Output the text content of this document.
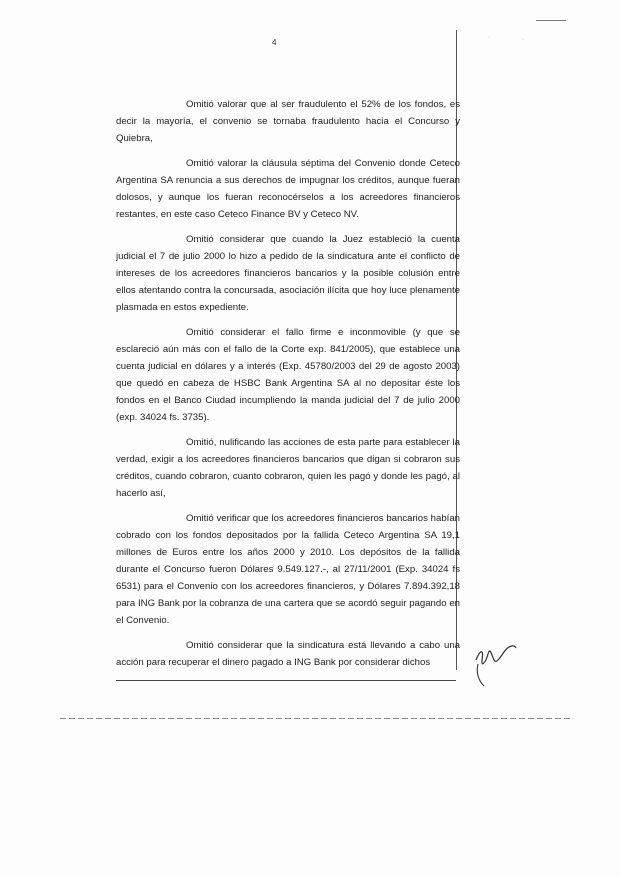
·	·
4

Omitió valorar que al ser fraudulento el 52% de los fondos, es decir la mayoría, el convenio se tornaba fraudulento hacia el Concurso y Quiebra,

Omitió valorar la cláusula séptima del Convenio donde Ceteco Argentina SA renuncia a sus derechos de impugnar los créditos, aunque fueran dolosos, y aunque los fueran reconocérselos a los acreedores financieros restantes, en este caso Ceteco Finance BV y Ceteco NV.

Omitió considerar que cuando la Juez estableció la cuenta judicial el 7 de julio 2000 lo hizo a pedido de la sindicatura ante el conflicto de intereses de los acreedores financieros bancarios y la posible colusión entre ellos atentando contra la concursada, asociación ilícita que hoy luce plenamente plasmada en estos expediente.

Omitió considerar el fallo firme e inconmovible (y que se esclareció aún más con el fallo de la Corte exp. 841/2005), que establece una cuenta judicial en dólares y a interés (Exp. 45780/2003 del 29 de agosto 2003) que quedó en cabeza de HSBC Bank Argentina SA al no depositar éste los fondos en el Banco Ciudad incumpliendo la manda judicial del 7 de julio 2000 (exp. 34024 fs. 3735).

Omitió, nulificando las acciones de esta parte para establecer la verdad, exigir a los acreedores financieros bancarios que digan si cobraron sus créditos, cuando cobraron, cuanto cobraron, quien les pagó y donde les pagó, al hacerlo así,

Omitió verificar que los acreedores financieros bancarios habían cobrado con los fondos depositados por la fallida Ceteco Argentina SA 19,1 millones de Euros entre los años 2000 y 2010. Los depósitos de la fallida durante el Concurso fueron Dólares 9.549.127.-, al 27/11/2001 (Exp. 34024 fs 6531) para el Convenio con los acreedores financieros, y Dólares 7.894.392,18 para ING Bank por la cobranza de una cartera que se acordó seguir pagando en el Convenio.

Omitió considerar que la sindicatura está llevando a cabo una acción para recuperar el dinero pagado a ING Bank por considerar dichos
